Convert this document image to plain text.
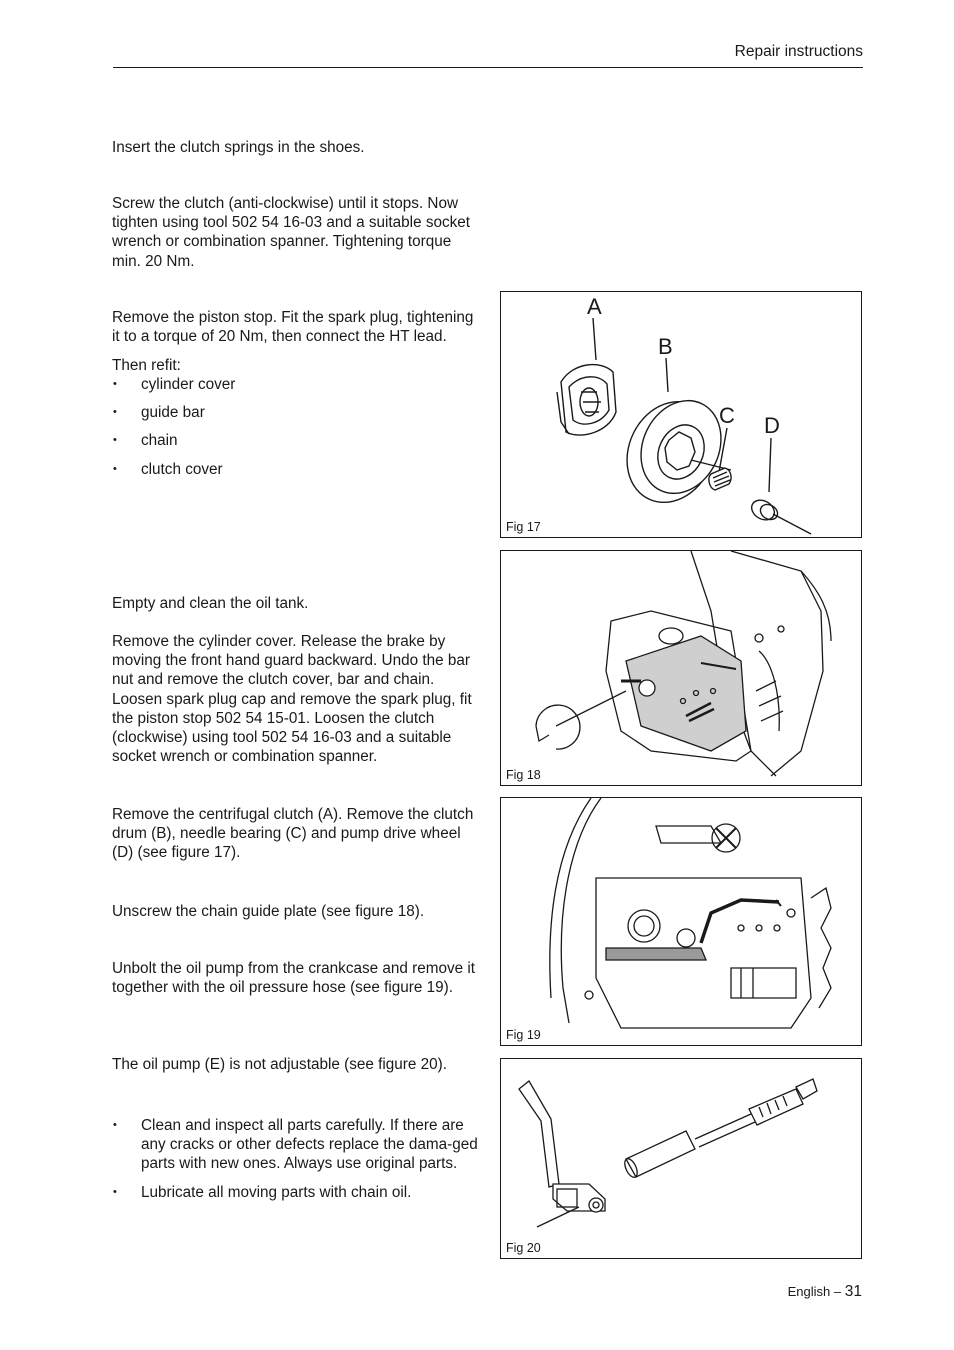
Repair instructions

Insert the clutch springs in the shoes.

Screw the clutch (anti-clockwise) until it stops. Now tighten using tool 502 54 16-03 and a suitable socket wrench or combination spanner. Tightening torque min. 20 Nm.

Remove the piston stop. Fit the spark plug, tightening it to a torque of 20 Nm, then connect the HT lead.

Then refit:

• cylinder cover
• guide bar
• chain
• clutch cover

Empty and clean the oil tank.

Remove the cylinder cover. Release the brake by moving the front hand guard backward. Undo the bar nut and remove the clutch cover, bar and chain. Loosen spark plug cap and remove the spark plug, fit the piston stop 502 54 15-01. Loosen the clutch (clockwise) using tool 502 54 16-03 and a suitable socket wrench or combination spanner.

Remove the centrifugal clutch (A). Remove the clutch drum (B), needle bearing (C) and pump drive wheel (D) (see figure 17).

Unscrew the chain guide plate (see figure 18).

Unbolt the oil pump from the crankcase and remove it together with the oil pressure hose (see figure 19).

The oil pump (E) is not adjustable (see figure 20).

• Clean and inspect all parts carefully. If there are any cracks or other defects replace the dama-ged parts with new ones. Always use original parts.
• Lubricate all moving parts with chain oil.
A
B
C D
Fig 17
Fig 18
Fig 19
Fig 20
English – 31
